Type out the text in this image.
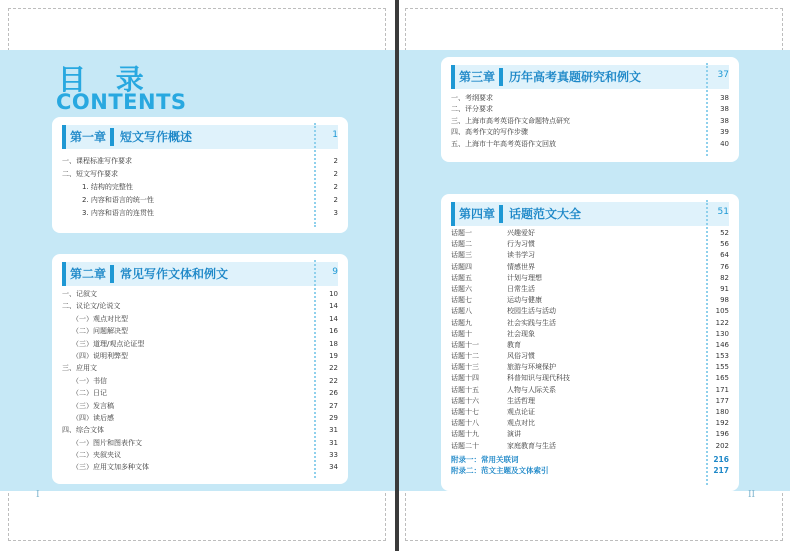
目 录
CONTENTS
第一章 短文写作概述	1
一、课程标准写作要求	2
二、短文写作要求	2
1. 结构的完整性	2
2. 内容和语言的统一性	2
3. 内容和语言的连贯性	3
第二章 常见写作文体和例文	9
一、记叙文	10
二、议论文/论说文	14
（一）观点对比型	14
（二）问题解决型	16
（三）道理/观点论证型	18
（四）说明利弊型	19
三、应用文	22
（一）书信	22
（二）日记	26
（三）发言稿	27
（四）读后感	29
四、综合文体	31
（一）图片和图表作文	31
（二）夹叙夹议	33
（三）应用文加多种文体	34
I
第三章 历年高考真题研究和例文	37
一、考纲要求	38
二、评分要求	38
三、上海市高考英语作文命题特点研究	38
四、高考作文的写作步骤	39
五、上海市十年高考英语作文回放	40
第四章 话题范文大全	51
话题一	兴趣爱好	52
话题二	行为习惯	56
话题三	读书学习	64
话题四	情感世界	76
话题五	计划与理想	82
话题六	日常生活	91
话题七	运动与健康	98
话题八	校园生活与活动	105
话题九	社会实践与生活	122
话题十	社会现象	130
话题十一	教育	146
话题十二	风俗习惯	153
话题十三	旅游与环境保护	155
话题十四	科普知识与现代科技	165
话题十五	人物与人际关系	171
话题十六	生活哲理	177
话题十七	观点论证	180
话题十八	观点对比	192
话题十九	演讲	196
话题二十	家庭教育与生活	202
附录一：常用关联词	216
附录二：范文主题及文体索引	217
II
